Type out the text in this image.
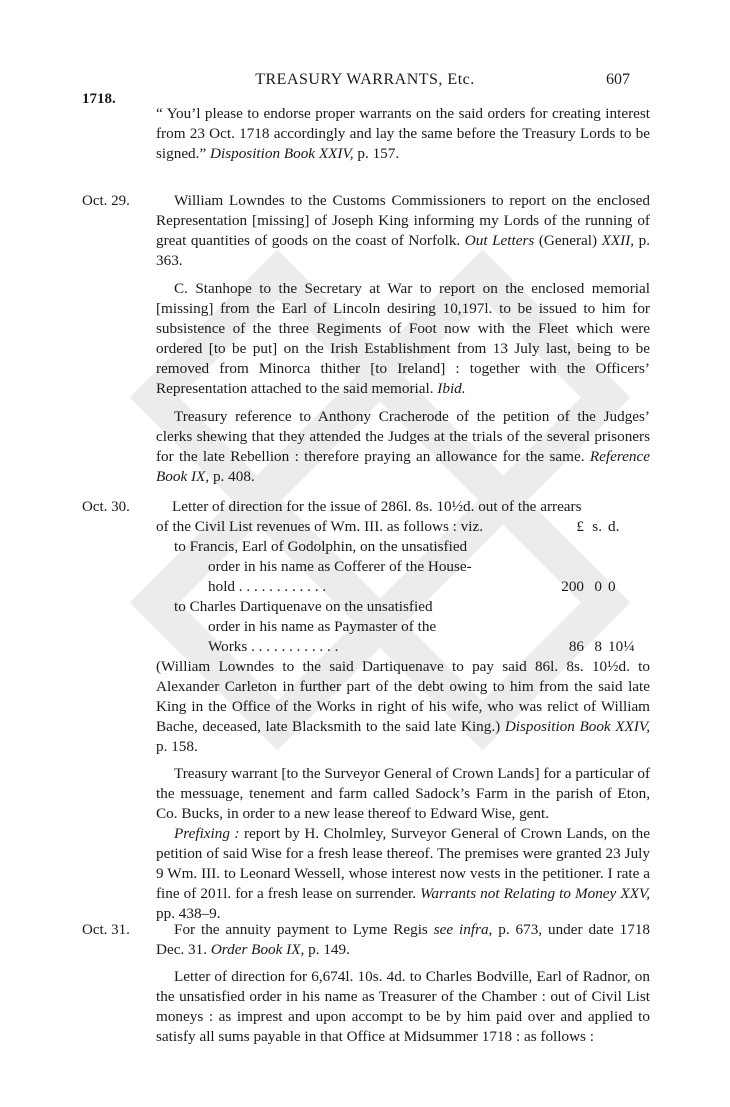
1718.
TREASURY WARRANTS, Etc.	607
“ You’l please to endorse proper warrants on the said orders for creating interest from 23 Oct. 1718 accordingly and lay the same before the Treasury Lords to be signed.” Disposition Book XXIV, p. 157.
Oct. 29.	William Lowndes to the Customs Commissioners to report on the enclosed Representation [missing] of Joseph King informing my Lords of the running of great quantities of goods on the coast of Norfolk. Out Letters (General) XXII, p. 363.
C. Stanhope to the Secretary at War to report on the enclosed memorial [missing] from the Earl of Lincoln desiring 10,197l. to be issued to him for subsistence of the three Regiments of Foot now with the Fleet which were ordered [to be put] on the Irish Establishment from 13 July last, being to be removed from Minorca thither [to Ireland] : together with the Officers’ Representation attached to the said memorial. Ibid.
Treasury reference to Anthony Cracherode of the petition of the Judges’ clerks shewing that they attended the Judges at the trials of the several prisoners for the late Rebellion : therefore praying an allowance for the same. Reference Book IX, p. 408.
Oct. 30.	Letter of direction for the issue of 286l. 8s. 10½d. out of the arrears
of the Civil List revenues of Wm. III. as follows : viz.	£ s. d.
to Francis, Earl of Godolphin, on the unsatisfied
order in his name as Cofferer of the House-
hold . . . . . . . . . . . .	200 0 0
to Charles Dartiquenave on the unsatisfied
order in his name as Paymaster of the
Works . . . . . . . . . . . .	86 8 10¼
(William Lowndes to the said Dartiquenave to pay said 86l. 8s. 10½d. to Alexander Carleton in further part of the debt owing to him from the said late King in the Office of the Works in right of his wife, who was relict of William Bache, deceased, late Blacksmith to the said late King.) Disposition Book XXIV, p. 158.

Treasury warrant [to the Surveyor General of Crown Lands] for a particular of the messuage, tenement and farm called Sadock’s Farm in the parish of Eton, Co. Bucks, in order to a new lease thereof to Edward Wise, gent.

Prefixing : report by H. Cholmley, Surveyor General of Crown Lands, on the petition of said Wise for a fresh lease thereof. The premises were granted 23 July 9 Wm. III. to Leonard Wessell, whose interest now vests in the petitioner. I rate a fine of 201l. for a fresh lease on surrender. Warrants not Relating to Money XXV, pp. 438–9.

Oct. 31.	For the annuity payment to Lyme Regis see infra, p. 673, under date 1718 Dec. 31. Order Book IX, p. 149.
Letter of direction for 6,674l. 10s. 4d. to Charles Bodville, Earl of Radnor, on the unsatisfied order in his name as Treasurer of the Chamber : out of Civil List moneys : as imprest and upon accompt to be by him paid over and applied to satisfy all sums payable in that Office at Midsummer 1718 : as follows :
